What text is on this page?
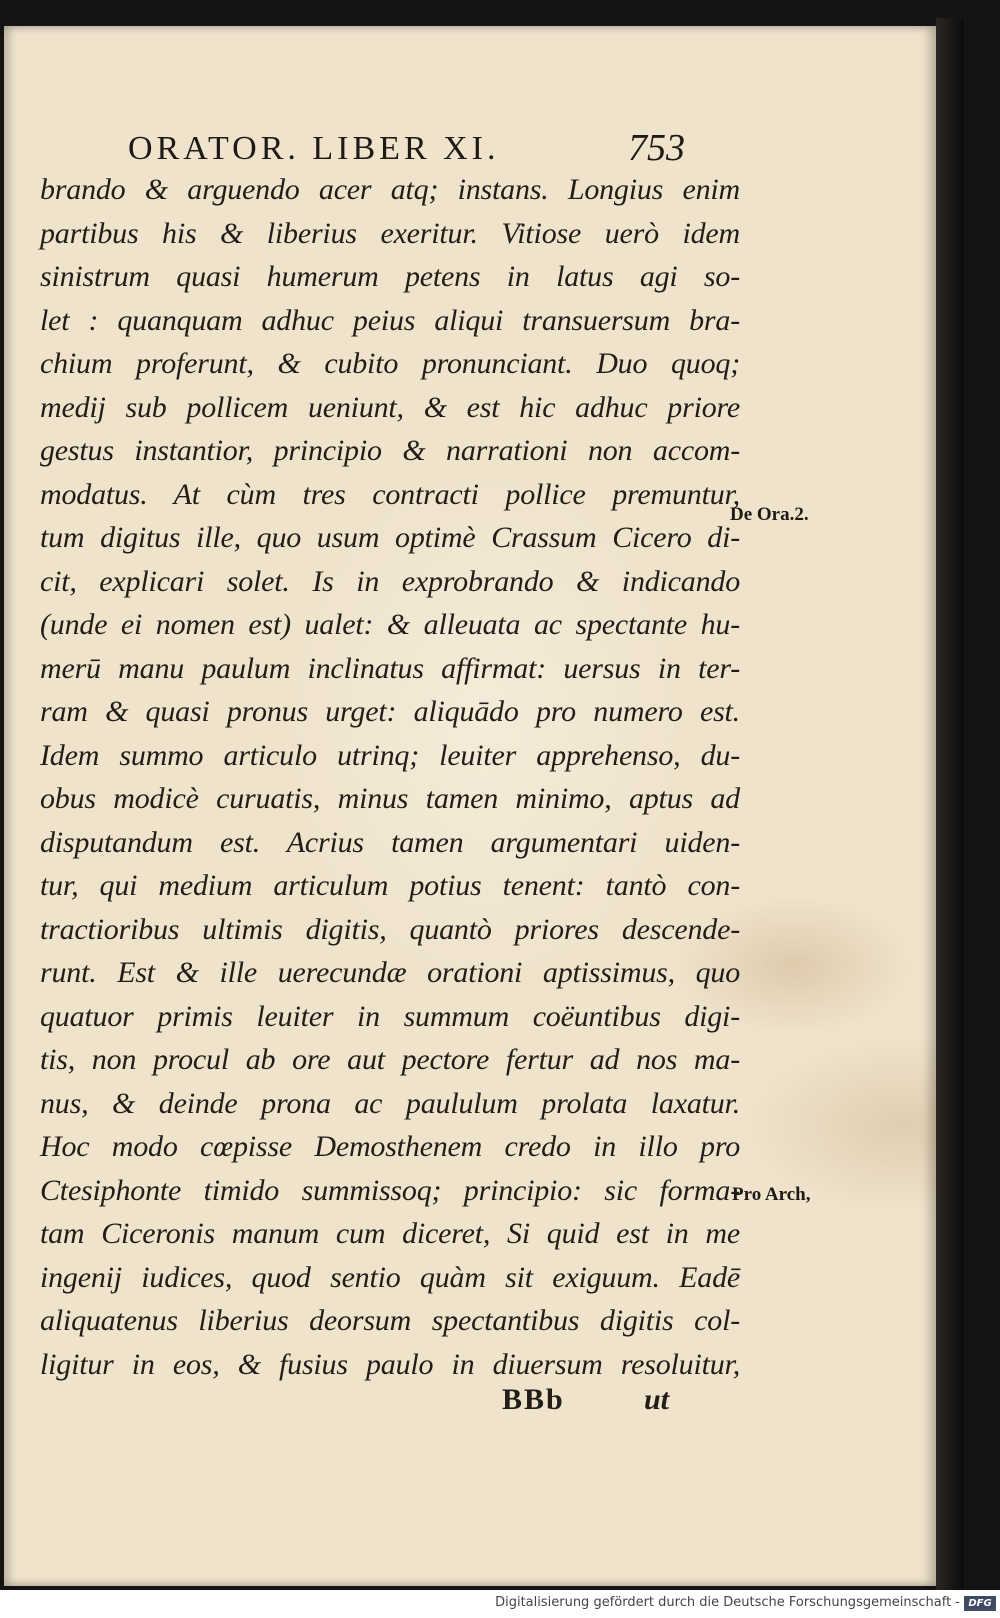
ORATOR. LIBER XI.	753
brando & arguendo acer atq; instans. Longius enim
partibus his & liberius exeritur. Vitiose uerò idem
sinistrum quasi humerum petens in latus agi so-
let : quanquam adhuc peius aliqui transuersum bra-
chium proferunt, & cubito pronunciant. Duo quoq;
medij sub pollicem ueniunt, & est hic adhuc priore
gestus instantior, principio & narrationi non accom-
modatus. At cùm tres contracti pollice premuntur,
tum digitus ille, quo usum optimè Crassum Cicero di-
cit, explicari solet. Is in exprobrando & indicando
(unde ei nomen est) ualet: & alleuata ac spectante hu-
merū manu paulum inclinatus affirmat: uersus in ter-
ram & quasi pronus urget: aliquādo pro numero est.
Idem summo articulo utrinq; leuiter apprehenso, du-
obus modicè curuatis, minus tamen minimo, aptus ad
disputandum est. Acrius tamen argumentari uiden-
tur, qui medium articulum potius tenent: tantò con-
tractioribus ultimis digitis, quantò priores descende-
runt. Est & ille uerecundæ orationi aptissimus, quo
quatuor primis leuiter in summum coëuntibus digi-
tis, non procul ab ore aut pectore fertur ad nos ma-
nus, & deinde prona ac paululum prolata laxatur.
Hoc modo cœpisse Demosthenem credo in illo pro
Ctesiphonte timido summissoq; principio: sic forma-
tam Ciceronis manum cum diceret, Si quid est in me
ingenij iudices, quod sentio quàm sit exiguum. Eadē
aliquatenus liberius deorsum spectantibus digitis col-
ligitur in eos, & fusius paulo in diuersum resoluitur,
De Ora.2.
Pro Arch,
BBb	ut
Digitalisierung gefördert durch die Deutsche Forschungsgemeinschaft - DFG
